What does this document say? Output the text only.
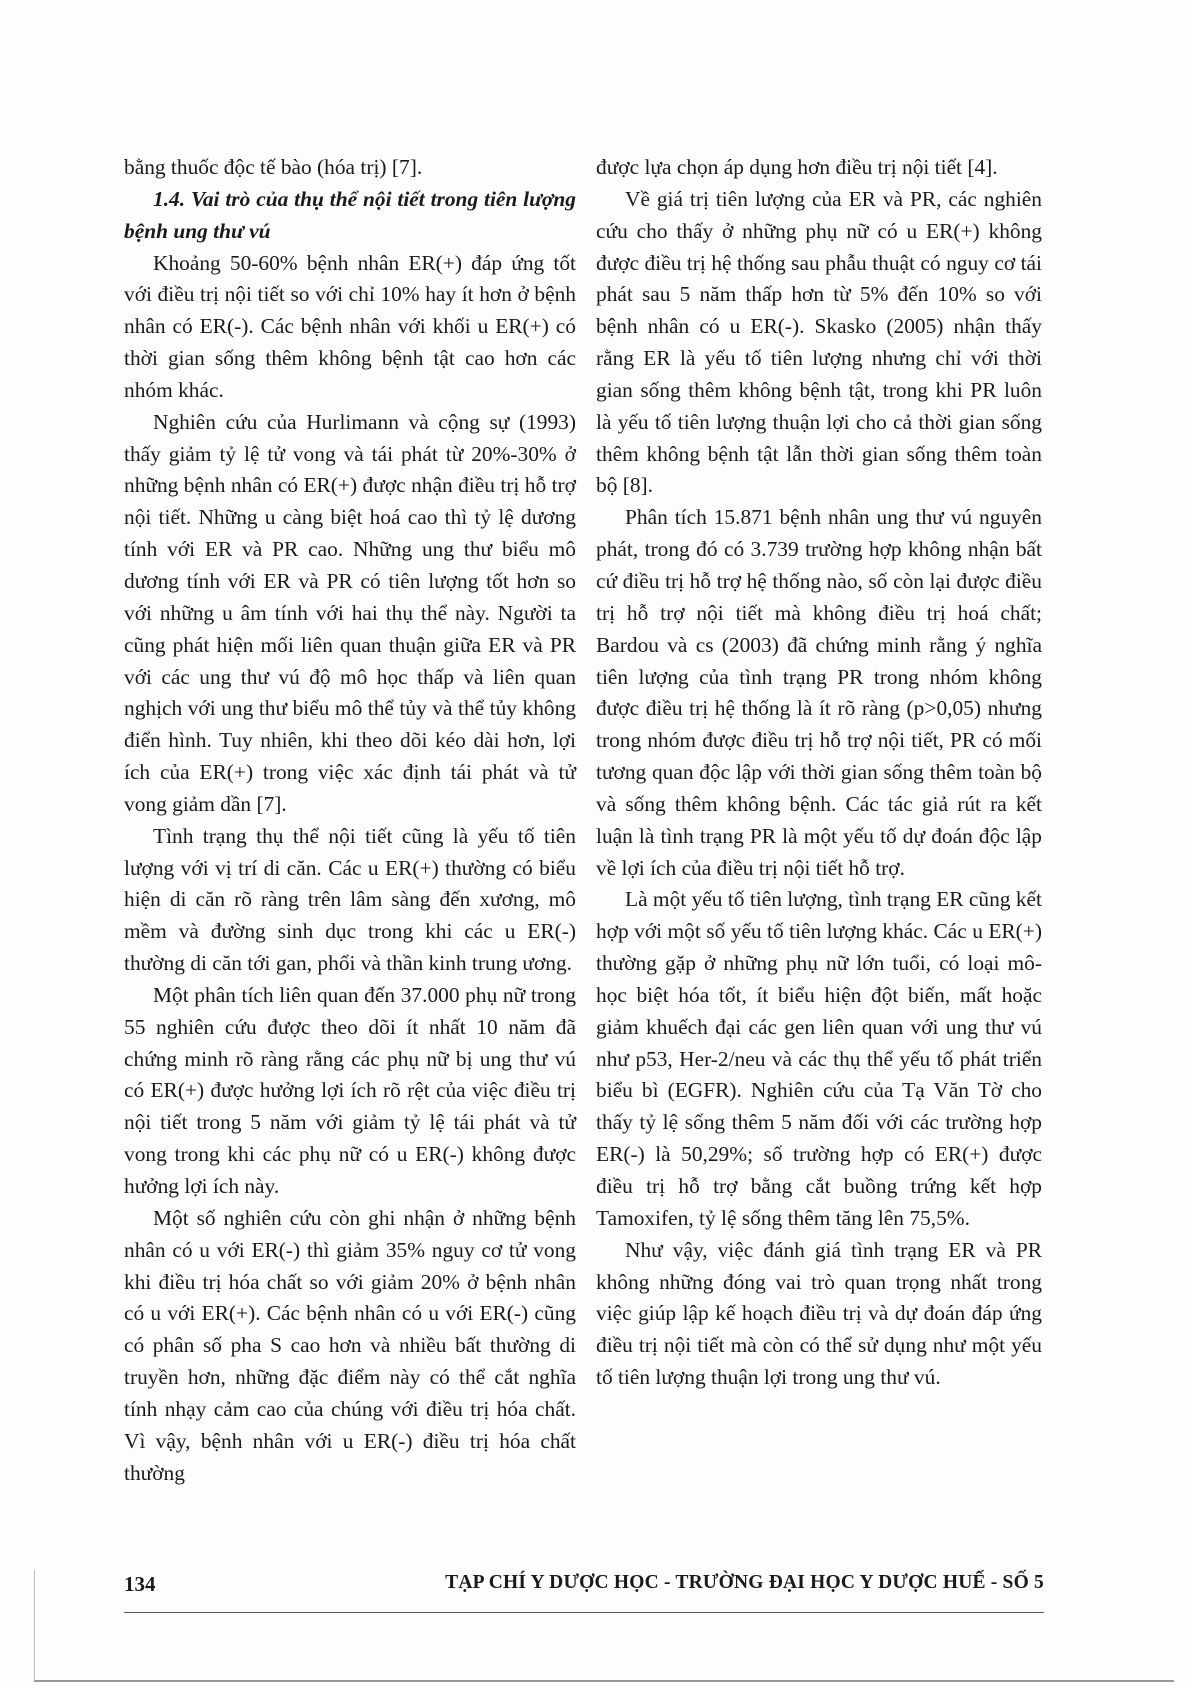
bằng thuốc độc tế bào (hóa trị) [7].

1.4. Vai trò của thụ thể nội tiết trong tiên lượng bệnh ung thư vú

Khoảng 50-60% bệnh nhân ER(+) đáp ứng tốt với điều trị nội tiết so với chỉ 10% hay ít hơn ở bệnh nhân có ER(-). Các bệnh nhân với khối u ER(+) có thời gian sống thêm không bệnh tật cao hơn các nhóm khác.

Nghiên cứu của Hurlimann và cộng sự (1993) thấy giảm tỷ lệ tử vong và tái phát từ 20%-30% ở những bệnh nhân có ER(+) được nhận điều trị hỗ trợ nội tiết. Những u càng biệt hoá cao thì tỷ lệ dương tính với ER và PR cao. Những ung thư biểu mô dương tính với ER và PR có tiên lượng tốt hơn so với những u âm tính với hai thụ thể này. Người ta cũng phát hiện mối liên quan thuận giữa ER và PR với các ung thư vú độ mô học thấp và liên quan nghịch với ung thư biểu mô thể tủy và thể tủy không điển hình. Tuy nhiên, khi theo dõi kéo dài hơn, lợi ích của ER(+) trong việc xác định tái phát và tử vong giảm dần [7].

Tình trạng thụ thể nội tiết cũng là yếu tố tiên lượng với vị trí di căn. Các u ER(+) thường có biểu hiện di căn rõ ràng trên lâm sàng đến xương, mô mềm và đường sinh dục trong khi các u ER(-) thường di căn tới gan, phổi và thần kinh trung ương.

Một phân tích liên quan đến 37.000 phụ nữ trong 55 nghiên cứu được theo dõi ít nhất 10 năm đã chứng minh rõ ràng rằng các phụ nữ bị ung thư vú có ER(+) được hưởng lợi ích rõ rệt của việc điều trị nội tiết trong 5 năm với giảm tỷ lệ tái phát và tử vong trong khi các phụ nữ có u ER(-) không được hưởng lợi ích này.

Một số nghiên cứu còn ghi nhận ở những bệnh nhân có u với ER(-) thì giảm 35% nguy cơ tử vong khi điều trị hóa chất so với giảm 20% ở bệnh nhân có u với ER(+). Các bệnh nhân có u với ER(-) cũng có phân số pha S cao hơn và nhiều bất thường di truyền hơn, những đặc điểm này có thể cắt nghĩa tính nhạy cảm cao của chúng với điều trị hóa chất. Vì vậy, bệnh nhân với u ER(-) điều trị hóa chất thường

được lựa chọn áp dụng hơn điều trị nội tiết [4].

Về giá trị tiên lượng của ER và PR, các nghiên cứu cho thấy ở những phụ nữ có u ER(+) không được điều trị hệ thống sau phẫu thuật có nguy cơ tái phát sau 5 năm thấp hơn từ 5% đến 10% so với bệnh nhân có u ER(-). Skasko (2005) nhận thấy rằng ER là yếu tố tiên lượng nhưng chỉ với thời gian sống thêm không bệnh tật, trong khi PR luôn là yếu tố tiên lượng thuận lợi cho cả thời gian sống thêm không bệnh tật lẫn thời gian sống thêm toàn bộ [8].

Phân tích 15.871 bệnh nhân ung thư vú nguyên phát, trong đó có 3.739 trường hợp không nhận bất cứ điều trị hỗ trợ hệ thống nào, số còn lại được điều trị hỗ trợ nội tiết mà không điều trị hoá chất; Bardou và cs (2003) đã chứng minh rằng ý nghĩa tiên lượng của tình trạng PR trong nhóm không được điều trị hệ thống là ít rõ ràng (p>0,05) nhưng trong nhóm được điều trị hỗ trợ nội tiết, PR có mối tương quan độc lập với thời gian sống thêm toàn bộ và sống thêm không bệnh. Các tác giả rút ra kết luận là tình trạng PR là một yếu tố dự đoán độc lập về lợi ích của điều trị nội tiết hỗ trợ.

Là một yếu tố tiên lượng, tình trạng ER cũng kết hợp với một số yếu tố tiên lượng khác. Các u ER(+) thường gặp ở những phụ nữ lớn tuổi, có loại mô-học biệt hóa tốt, ít biểu hiện đột biến, mất hoặc giảm khuếch đại các gen liên quan với ung thư vú như p53, Her-2/neu và các thụ thể yếu tố phát triển biểu bì (EGFR). Nghiên cứu của Tạ Văn Tờ cho thấy tỷ lệ sống thêm 5 năm đối với các trường hợp ER(-) là 50,29%; số trường hợp có ER(+) được điều trị hỗ trợ bằng cắt buồng trứng kết hợp Tamoxifen, tỷ lệ sống thêm tăng lên 75,5%.

Như vậy, việc đánh giá tình trạng ER và PR không những đóng vai trò quan trọng nhất trong việc giúp lập kế hoạch điều trị và dự đoán đáp ứng điều trị nội tiết mà còn có thể sử dụng như một yếu tố tiên lượng thuận lợi trong ung thư vú.

134	TẠP CHÍ Y DƯỢC HỌC - TRƯỜNG ĐẠI HỌC Y DƯỢC HUẾ - SỐ 5
